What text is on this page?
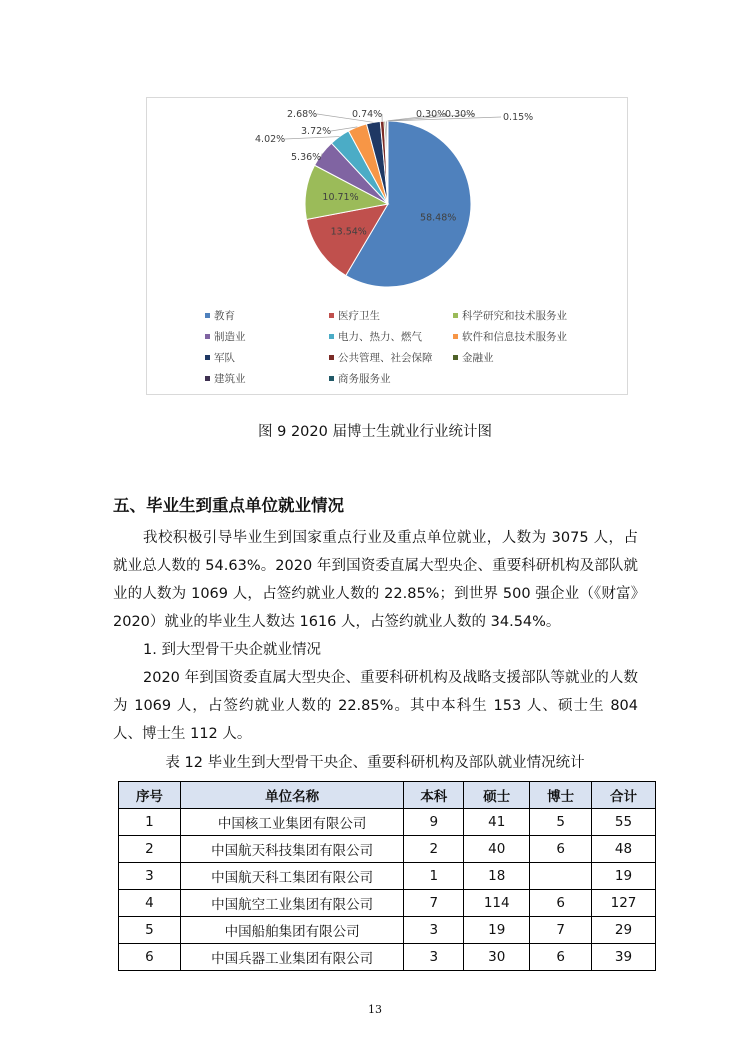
58.48%
13.54%
10.71%
5.36%
4.02%
3.72%
2.68%	0.74%	0.30%
0.30%	0.15%
教育	医疗卫生	科学研究和技术服务业
制造业	电力、热力、燃气	软件和信息技术服务业
军队	公共管理、社会保障	金融业
建筑业	商务服务业
图 9 2020 届博士生就业行业统计图
五、毕业生到重点单位就业情况
我校积极引导毕业生到国家重点行业及重点单位就业，人数为 3075 人，占就业总人数的 54.63%。2020 年到国资委直属大型央企、重要科研机构及部队就业的人数为 1069 人，占签约就业人数的 22.85%；到世界 500 强企业（《财富》2020）就业的毕业生人数达 1616 人，占签约就业人数的 34.54%。
1. 到大型骨干央企就业情况
2020 年到国资委直属大型央企、重要科研机构及战略支援部队等就业的人数为 1069 人，占签约就业人数的 22.85%。其中本科生 153 人、硕士生 804 人、博士生 112 人。
表 12 毕业生到大型骨干央企、重要科研机构及部队就业情况统计
序号	单位名称	本科	硕士	博士	合计
1	中国核工业集团有限公司	9	41	5	55
2	中国航天科技集团有限公司	2	40	6	48
3	中国航天科工集团有限公司	1	18		19
4	中国航空工业集团有限公司	7	114	6	127
5	中国船舶集团有限公司	3	19	7	29
6	中国兵器工业集团有限公司	3	30	6	39
13
